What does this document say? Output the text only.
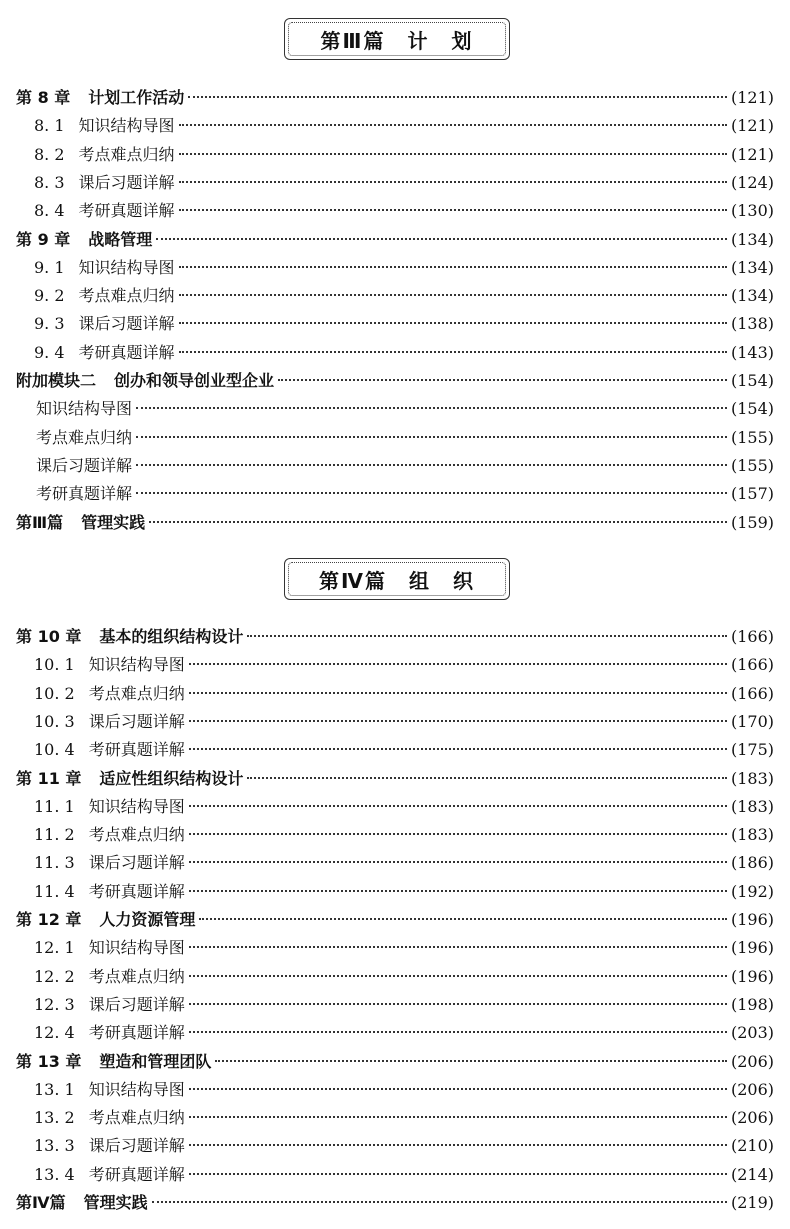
第Ⅲ篇　计　划
第 8 章 计划工作活动	(121)
8. 1 知识结构导图	(121)
8. 2 考点难点归纳	(121)
8. 3 课后习题详解	(124)
8. 4 考研真题详解	(130)
第 9 章 战略管理	(134)
9. 1 知识结构导图	(134)
9. 2 考点难点归纳	(134)
9. 3 课后习题详解	(138)
9. 4 考研真题详解	(143)
附加模块二 创办和领导创业型企业	(154)
知识结构导图	(154)
考点难点归纳	(155)
课后习题详解	(155)
考研真题详解	(157)
第Ⅲ篇 管理实践	(159)
第Ⅳ篇　组　织
第 10 章 基本的组织结构设计	(166)
10. 1 知识结构导图	(166)
10. 2 考点难点归纳	(166)
10. 3 课后习题详解	(170)
10. 4 考研真题详解	(175)
第 11 章 适应性组织结构设计	(183)
11. 1 知识结构导图	(183)
11. 2 考点难点归纳	(183)
11. 3 课后习题详解	(186)
11. 4 考研真题详解	(192)
第 12 章 人力资源管理	(196)
12. 1 知识结构导图	(196)
12. 2 考点难点归纳	(196)
12. 3 课后习题详解	(198)
12. 4 考研真题详解	(203)
第 13 章 塑造和管理团队	(206)
13. 1 知识结构导图	(206)
13. 2 考点难点归纳	(206)
13. 3 课后习题详解	(210)
13. 4 考研真题详解	(214)
第Ⅳ篇 管理实践	(219)
